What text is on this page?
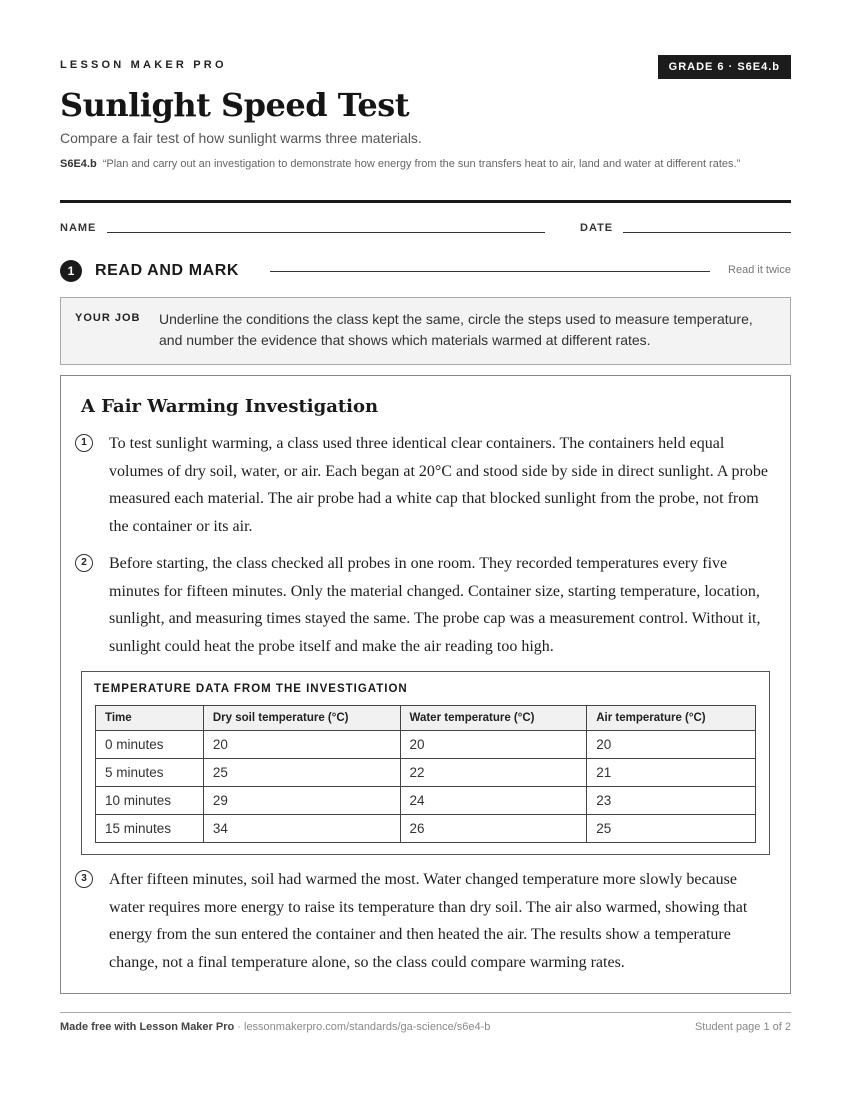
LESSON MAKER PRO	GRADE 6 · S6E4.b
Sunlight Speed Test
Compare a fair test of how sunlight warms three materials.
S6E4.b “Plan and carry out an investigation to demonstrate how energy from the sun transfers heat to air, land and water at different rates.”
NAME	DATE
1	READ AND MARK	Read it twice
YOUR JOB Underline the conditions the class kept the same, circle the steps used to measure temperature, and number the evidence that shows which materials warmed at different rates.
A Fair Warming Investigation
1	To test sunlight warming, a class used three identical clear containers. The containers held equal volumes of dry soil, water, or air. Each began at 20°C and stood side by side in direct sunlight. A probe measured each material. The air probe had a white cap that blocked sunlight from the probe, not from the container or its air.
2	Before starting, the class checked all probes in one room. They recorded temperatures every five minutes for fifteen minutes. Only the material changed. Container size, starting temperature, location, sunlight, and measuring times stayed the same. The probe cap was a measurement control. Without it, sunlight could heat the probe itself and make the air reading too high.
TEMPERATURE DATA FROM THE INVESTIGATION
Time	Dry soil temperature (°C)	Water temperature (°C)	Air temperature (°C)
0 minutes	20	20	20
5 minutes	25	22	21
10 minutes	29	24	23
15 minutes	34	26	25
3	After fifteen minutes, soil had warmed the most. Water changed temperature more slowly because water requires more energy to raise its temperature than dry soil. The air also warmed, showing that energy from the sun entered the container and then heated the air. The results show a temperature change, not a final temperature alone, so the class could compare warming rates.
Made free with Lesson Maker Pro · lessonmakerpro.com/standards/ga-science/s6e4-b	Student page 1 of 2
